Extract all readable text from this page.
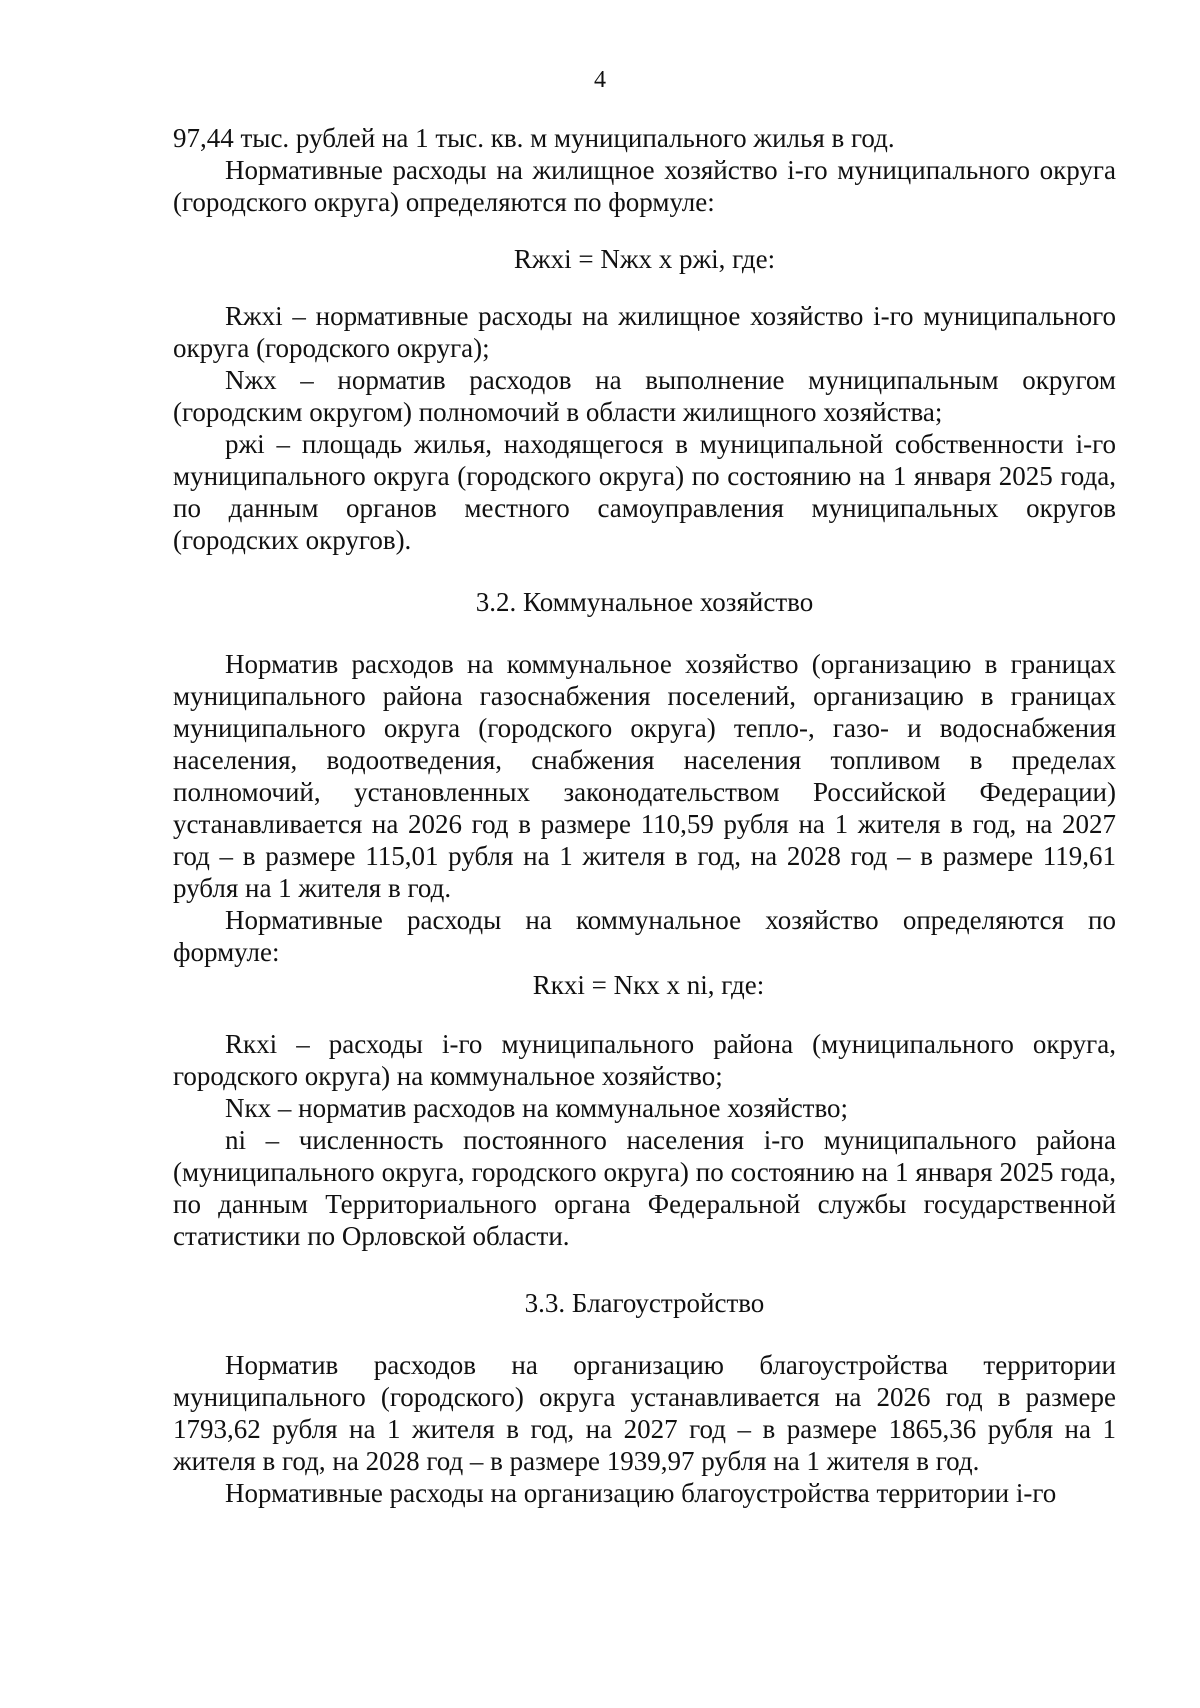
4

97,44 тыс. рублей на 1 тыс. кв. м муниципального жилья в год.

Нормативные расходы на жилищное хозяйство i-го муниципального округа (городского округа) определяются по формуле:

Rжхi = Nжх х pжi, где:

Rжхi – нормативные расходы на жилищное хозяйство i-го муниципального округа (городского округа);

Nжх – норматив расходов на выполнение муниципальным округом (городским округом) полномочий в области жилищного хозяйства;

pжi – площадь жилья, находящегося в муниципальной собственности i-го муниципального округа (городского округа) по состоянию на 1 января 2025 года, по данным органов местного самоуправления муниципальных округов (городских округов).

3.2. Коммунальное хозяйство

Норматив расходов на коммунальное хозяйство (организацию в границах муниципального района газоснабжения поселений, организацию в границах муниципального округа (городского округа) тепло-, газо- и водоснабжения населения, водоотведения, снабжения населения топливом в пределах полномочий, установленных законодательством Российской Федерации) устанавливается на 2026 год в размере 110,59 рубля на 1 жителя в год, на 2027 год – в размере 115,01 рубля на 1 жителя в год, на 2028 год – в размере 119,61 рубля на 1 жителя в год.

Нормативные расходы на коммунальное хозяйство определяются по формуле:

Rкхi = Nкх х ni, где:

Rкхi – расходы i-го муниципального района (муниципального округа, городского округа) на коммунальное хозяйство;

Nкх – норматив расходов на коммунальное хозяйство;

ni – численность постоянного населения i-го муниципального района (муниципального округа, городского округа) по состоянию на 1 января 2025 года, по данным Территориального органа Федеральной службы государственной статистики по Орловской области.

3.3. Благоустройство

Норматив расходов на организацию благоустройства территории муниципального (городского) округа устанавливается на 2026 год в размере 1793,62 рубля на 1 жителя в год, на 2027 год – в размере 1865,36 рубля на 1 жителя в год, на 2028 год – в размере 1939,97 рубля на 1 жителя в год.

Нормативные расходы на организацию благоустройства территории i-го
